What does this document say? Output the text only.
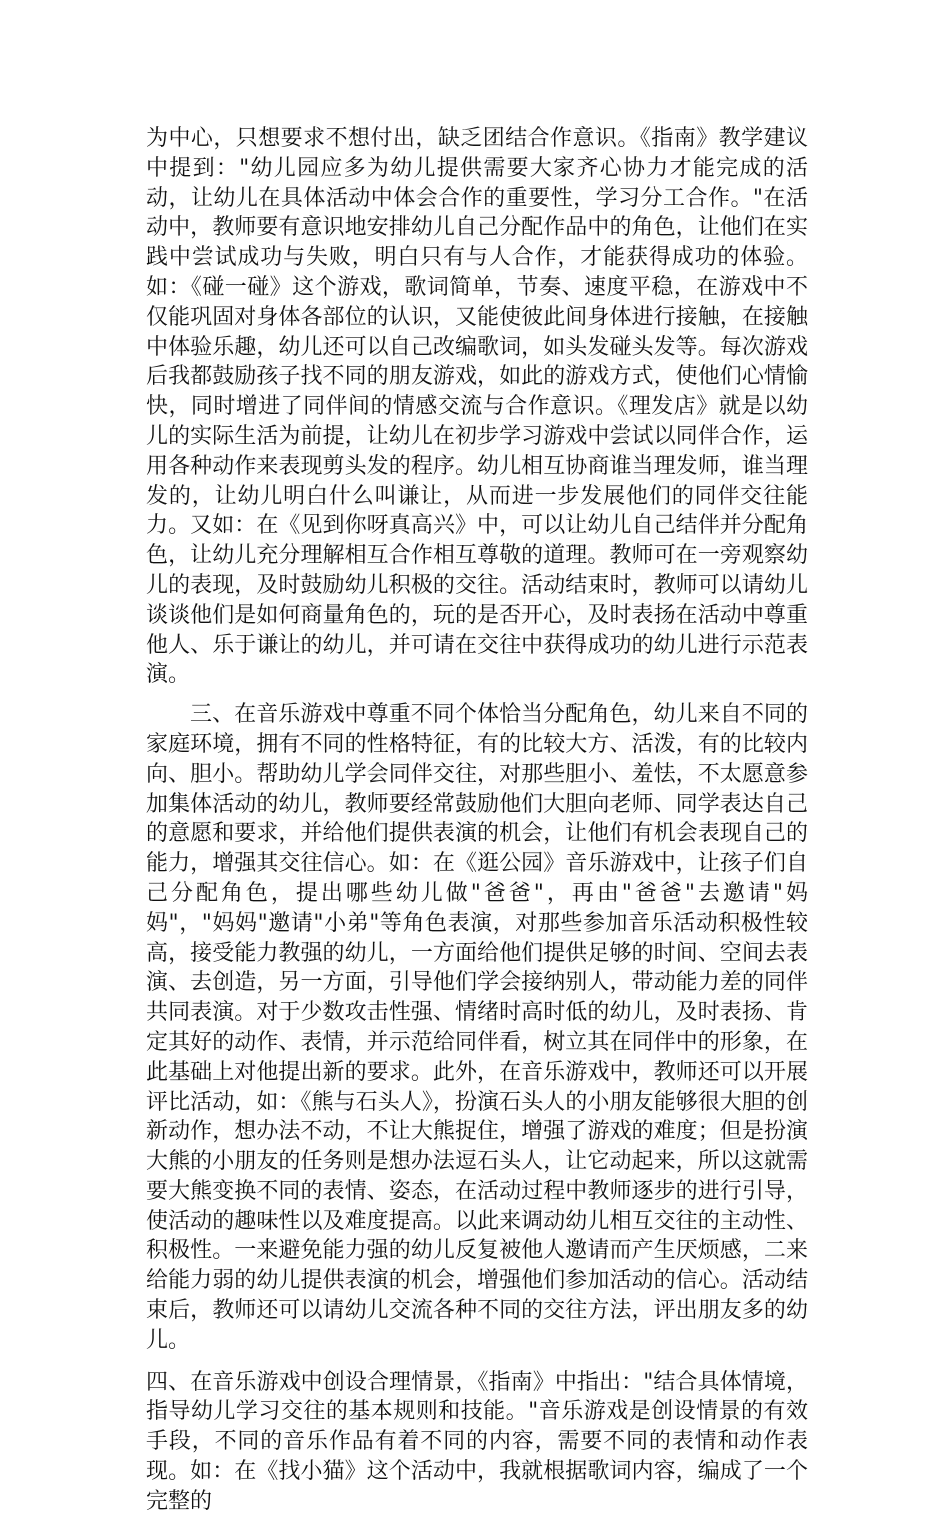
为中心，只想要求不想付出，缺乏团结合作意识。《指南》教学建议中提到："幼儿园应多为幼儿提供需要大家齐心协力才能完成的活动，让幼儿在具体活动中体会合作的重要性，学习分工合作。"在活动中，教师要有意识地安排幼儿自己分配作品中的角色，让他们在实践中尝试成功与失败，明白只有与人合作，才能获得成功的体验。如：《碰一碰》这个游戏，歌词简单，节奏、速度平稳，在游戏中不仅能巩固对身体各部位的认识，又能使彼此间身体进行接触，在接触中体验乐趣，幼儿还可以自己改编歌词，如头发碰头发等。每次游戏后我都鼓励孩子找不同的朋友游戏，如此的游戏方式，使他们心情愉快，同时增进了同伴间的情感交流与合作意识。《理发店》就是以幼儿的实际生活为前提，让幼儿在初步学习游戏中尝试以同伴合作，运用各种动作来表现剪头发的程序。幼儿相互协商谁当理发师，谁当理发的，让幼儿明白什么叫谦让，从而进一步发展他们的同伴交往能力。又如：在《见到你呀真高兴》中，可以让幼儿自己结伴并分配角色，让幼儿充分理解相互合作相互尊敬的道理。教师可在一旁观察幼儿的表现，及时鼓励幼儿积极的交往。活动结束时，教师可以请幼儿谈谈他们是如何商量角色的，玩的是否开心，及时表扬在活动中尊重他人、乐于谦让的幼儿，并可请在交往中获得成功的幼儿进行示范表演。

三、在音乐游戏中尊重不同个体恰当分配角色，幼儿来自不同的家庭环境，拥有不同的性格特征，有的比较大方、活泼，有的比较内向、胆小。帮助幼儿学会同伴交往，对那些胆小、羞怯，不太愿意参加集体活动的幼儿，教师要经常鼓励他们大胆向老师、同学表达自己的意愿和要求，并给他们提供表演的机会，让他们有机会表现自己的能力，增强其交往信心。如：在《逛公园》音乐游戏中，让孩子们自己分配角色，提出哪些幼儿做"爸爸"，再由"爸爸"去邀请"妈妈"，"妈妈"邀请"小弟"等角色表演，对那些参加音乐活动积极性较高，接受能力教强的幼儿，一方面给他们提供足够的时间、空间去表演、去创造，另一方面，引导他们学会接纳别人，带动能力差的同伴共同表演。对于少数攻击性强、情绪时高时低的幼儿，及时表扬、肯定其好的动作、表情，并示范给同伴看，树立其在同伴中的形象，在此基础上对他提出新的要求。此外，在音乐游戏中，教师还可以开展评比活动，如：《熊与石头人》，扮演石头人的小朋友能够很大胆的创新动作，想办法不动，不让大熊捉住，增强了游戏的难度；但是扮演大熊的小朋友的任务则是想办法逗石头人，让它动起来，所以这就需要大熊变换不同的表情、姿态，在活动过程中教师逐步的进行引导，使活动的趣味性以及难度提高。以此来调动幼儿相互交往的主动性、积极性。一来避免能力强的幼儿反复被他人邀请而产生厌烦感，二来给能力弱的幼儿提供表演的机会，增强他们参加活动的信心。活动结束后，教师还可以请幼儿交流各种不同的交往方法，评出朋友多的幼儿。

四、在音乐游戏中创设合理情景，《指南》中指出："结合具体情境，指导幼儿学习交往的基本规则和技能。"音乐游戏是创设情景的有效手段，不同的音乐作品有着不同的内容，需要不同的表情和动作表现。如：在《找小猫》这个活动中，我就根据歌词内容，编成了一个完整的
